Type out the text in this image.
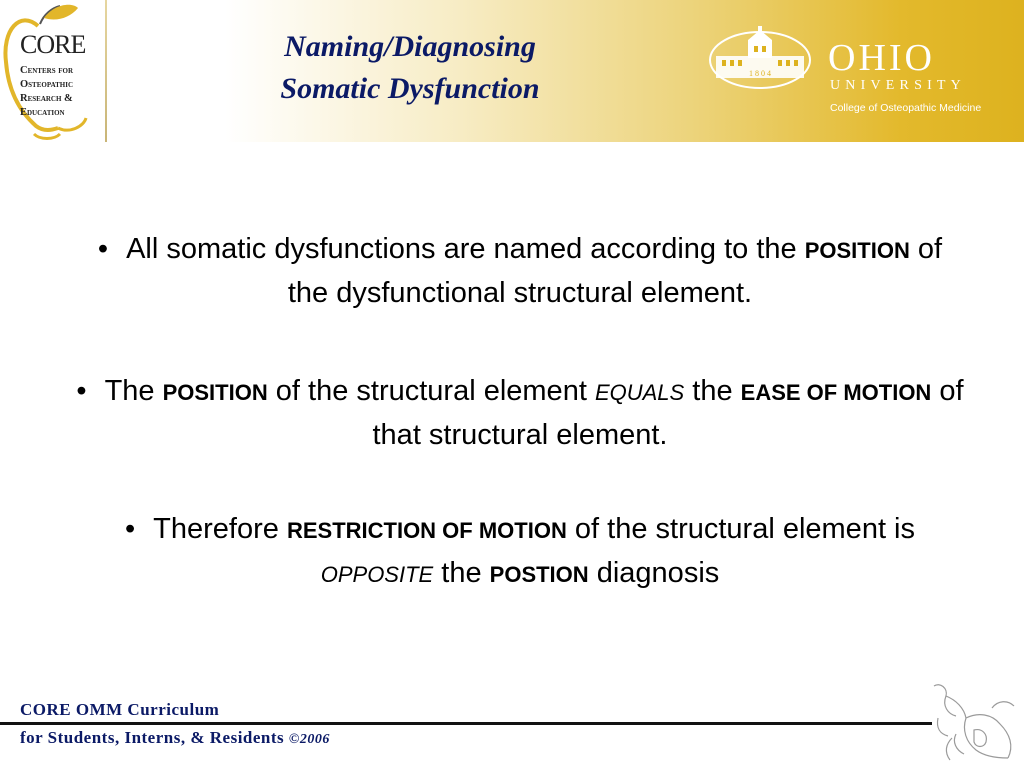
CORE
Centers for
Osteopathic
Research &
Education
Naming/Diagnosing
Somatic Dysfunction	1 8 0 4 OHIO
UNIVERSITY
College of Osteopathic Medicine
• All somatic dysfunctions are named according to the POSITION of the dysfunctional structural element.
• The POSITION of the structural element EQUALS the EASE OF MOTION of that structural element.
• Therefore RESTRICTION OF MOTION of the structural element is OPPOSITE the POSTION diagnosis
CORE OMM Curriculum
for Students, Interns, & Residents ©2006
